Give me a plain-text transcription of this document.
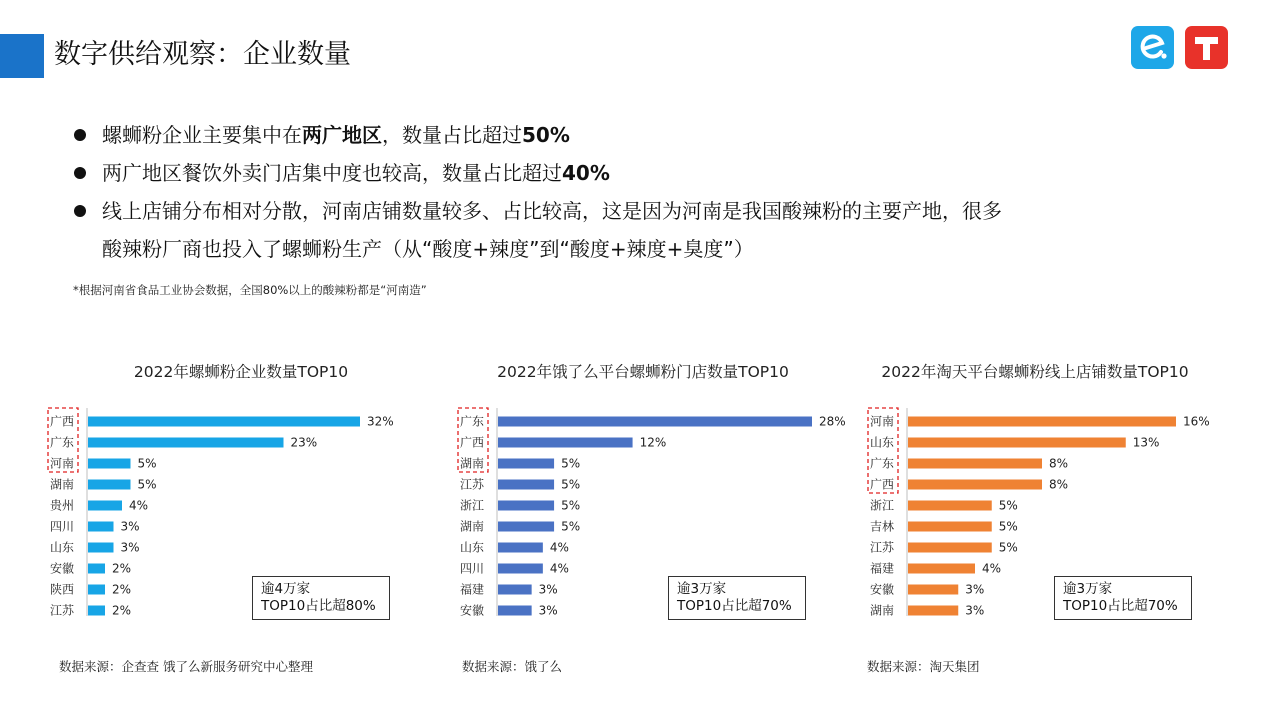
数字供给观察：企业数量
螺蛳粉企业主要集中在两广地区，数量占比超过50%
两广地区餐饮外卖门店集中度也较高，数量占比超过40%
线上店铺分布相对分散，河南店铺数量较多、占比较高，这是因为河南是我国酸辣粉的主要产地，很多
酸辣粉厂商也投入了螺蛳粉生产（从“酸度+辣度”到“酸度+辣度+臭度”）
*根据河南省食品工业协会数据，全国80%以上的酸辣粉都是“河南造”
2022年螺蛳粉企业数量TOP10
广西	32%
广东	23%
河南	5%
湖南	5%
贵州	4%
四川	3%
山东	3%
安徽	2%
陕西	2%
江苏	2%
逾4万家
TOP10占比超80%
数据来源：企查查 饿了么新服务研究中心整理
2022年饿了么平台螺蛳粉门店数量TOP10
广东	28%
广西	12%
湖南	5%
江苏	5%
浙江	5%
湖南	5%
山东	4%
四川	4%
福建	3%
安徽	3%
逾3万家
TOP10占比超70%
数据来源：饿了么
2022年淘天平台螺蛳粉线上店铺数量TOP10
河南	16%
山东	13%
广东	8%
广西	8%
浙江	5%
吉林	5%
江苏	5%
福建	4%
安徽	3%
湖南	3%
逾3万家
TOP10占比超70%
数据来源：淘天集团
